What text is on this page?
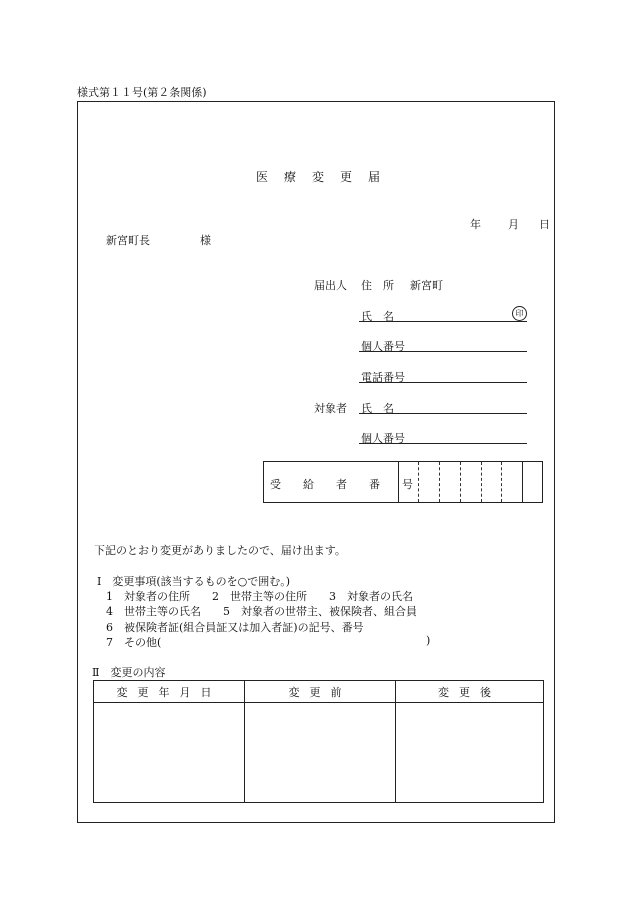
様式第１１号(第２条関係)
医　療　変　更　届
年 月 日
新宮町長	様
届出人 住　所 新宮町
氏　名	印
個人番号
電話番号
対象者 氏　名
個人番号
受　　給　　者　　番　　号
下記のとおり変更がありましたので、届け出ます。
Ⅰ　変更事項(該当するものを○で囲む。)
1　対象者の住所　　2　世帯主等の住所　　3　対象者の氏名
4　世帯主等の氏名　　5　対象者の世帯主、被保険者、組合員
6　被保険者証(組合員証又は加入者証)の記号、番号
7　その他(	)
Ⅱ　変更の内容
変更年月日	変更前	変更後
